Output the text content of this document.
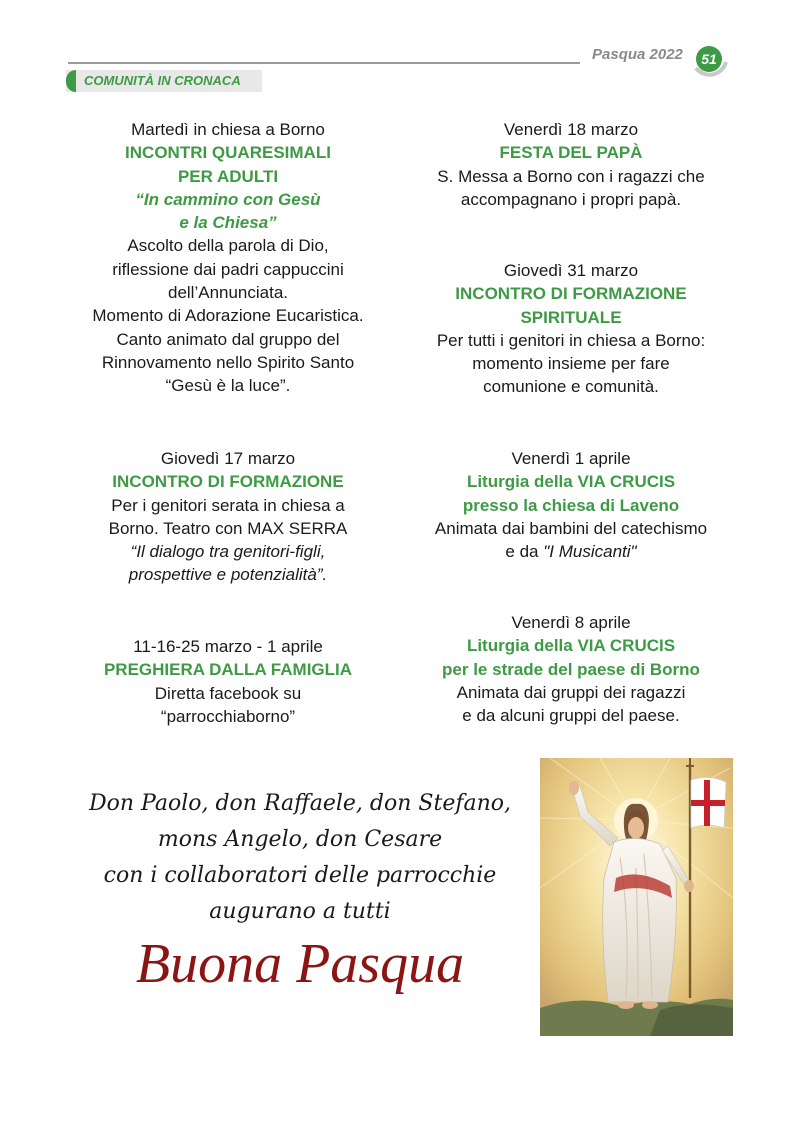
Pasqua 2022	51
COMUNITÀ IN CRONACA
Martedì in chiesa a Borno
INCONTRI QUARESIMALI
PER ADULTI
“In cammino con Gesù
e la Chiesa”
Ascolto della parola di Dio,
riflessione dai padri cappuccini
dell’Annunciata.
Momento di Adorazione Eucaristica.
Canto animato dal gruppo del
Rinnovamento nello Spirito Santo
“Gesù è la luce”.
Giovedì 17 marzo
INCONTRO DI FORMAZIONE
Per i genitori serata in chiesa a
Borno. Teatro con MAX SERRA
“Il dialogo tra genitori-figli,
prospettive e potenzialità”.
11-16-25 marzo - 1 aprile
PREGHIERA DALLA FAMIGLIA
Diretta facebook su
“parrocchiaborno”
Venerdì 18 marzo
FESTA DEL PAPÀ
S. Messa a Borno con i ragazzi che
accompagnano i propri papà.
Giovedì 31 marzo
INCONTRO DI FORMAZIONE
SPIRITUALE
Per tutti i genitori in chiesa a Borno:
momento insieme per fare
comunione e comunità.
Venerdì 1 aprile
Liturgia della VIA CRUCIS
presso la chiesa di Laveno
Animata dai bambini del catechismo
e da "I Musicanti"
Venerdì 8 aprile
Liturgia della VIA CRUCIS
per le strade del paese di Borno
Animata dai gruppi dei ragazzi
e da alcuni gruppi del paese.
Don Paolo, don Raffaele, don Stefano,
mons Angelo, don Cesare
con i collaboratori delle parrocchie
augurano a tutti
Buona Pasqua
